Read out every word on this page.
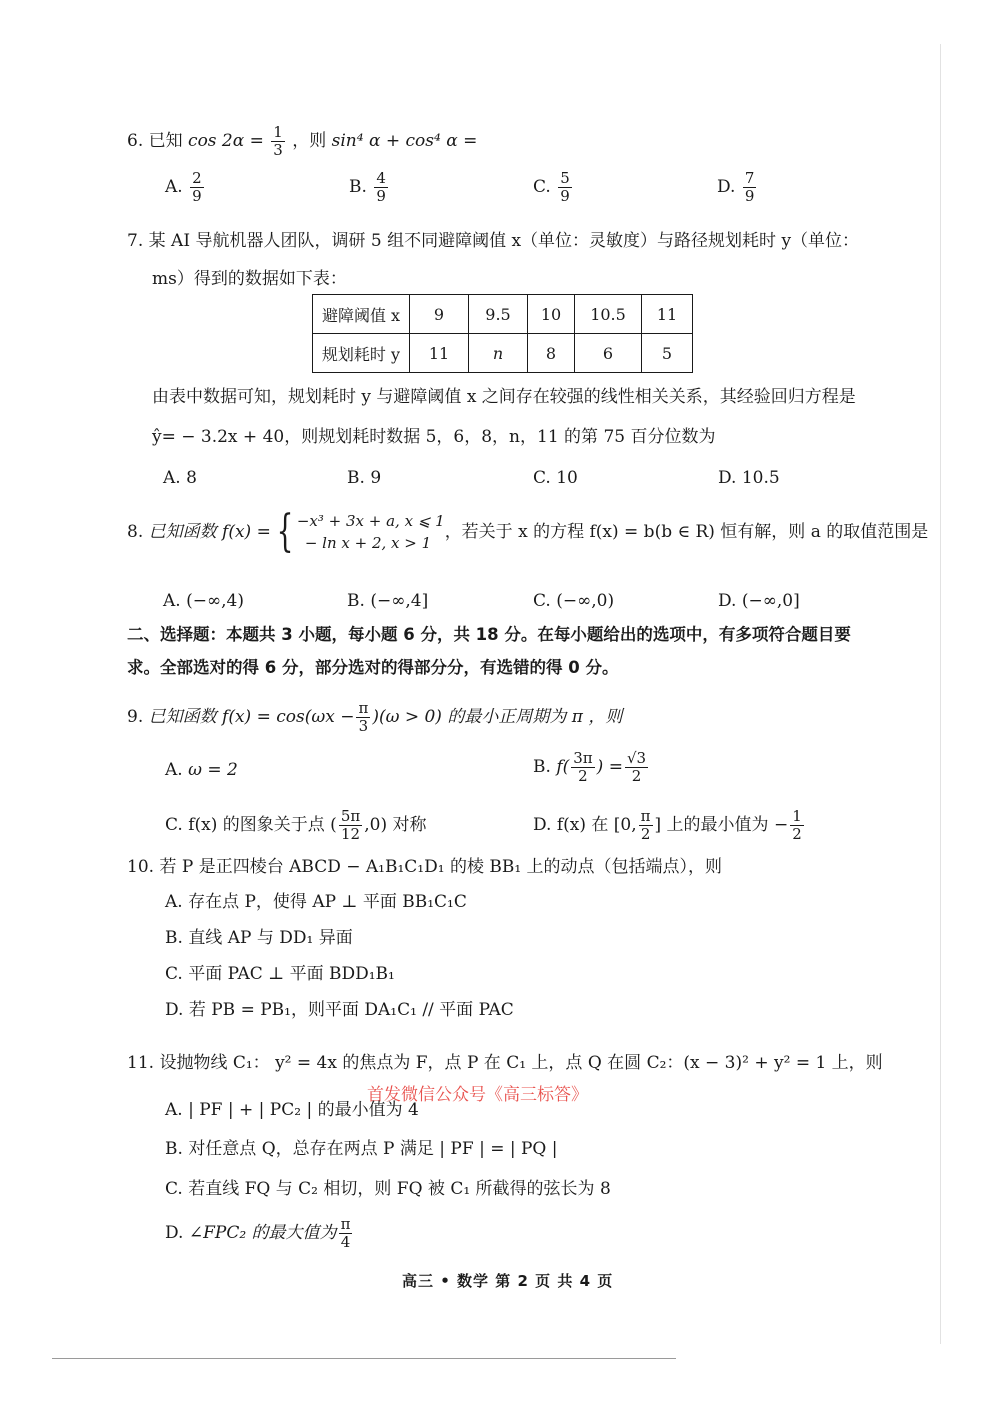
6. 已知 $\cos 2\alpha = \frac{1}{3}$ ，则 sin⁴ α + cos⁴ α =
A. $\frac{2}{9}$	B. $\frac{4}{9}$	C. $\frac{5}{9}$	D. $\frac{7}{9}$
7. 某 AI 导航机器人团队，调研 5 组不同避障阈值 x（单位：灵敏度）与路径规划耗时 y（单位：
ms）得到的数据如下表：
避障阈值 x	9	9.5	10	10.5	11
规划耗时 y	11	n	8	6	5
由表中数据可知，规划耗时 y 与避障阈值 x 之间存在较强的线性相关关系，其经验回归方程是
ŷ= − 3.2x + 40，则规划耗时数据 5，6，8，n，11 的第 75 百分位数为
A. 8	B. 9	C. 10	D. 10.5
8.
已知函数 f(x) = { −x³ + 3x + a, x ⩽ 1
− ln x + 2, x > 1
，若关于 x 的方程 f(x) = b(b ∈ R) 恒有解，则 a 的取值范围是
A. (−∞,4)	B. (−∞,4]	C. (−∞,0)	D. (−∞,0]
二、选择题：本题共 3 小题，每小题 6 分，共 18 分。在每小题给出的选项中，有多项符合题目要
求。全部选对的得 6 分，部分选对的得部分分，有选错的得 0 分。
9. 已知函数 $f(x) = \cos(\omega x - \frac{\pi}{3} )(\omega > 0)$ 的最小正周期为 π ，则
A. ω = 2	B. $f( \frac{3\pi}{2}$ ) = $\frac{√3}{2}$
C. f(x) 的图象关于点 ( $\frac{5\pi}{12} ,0$) 对称	D. f(x) 在 [0, $\frac{\pi}{2}$ ] 上的最小值为 − $\frac{1}{2}$
10. 若 P 是正四棱台 ABCD − A₁B₁C₁D₁ 的棱 BB₁ 上的动点（包括端点），则
A. 存在点 P，使得 AP ⊥ 平面 BB₁C₁C
B. 直线 AP 与 DD₁ 异面
C. 平面 PAC ⊥ 平面 BDD₁B₁
D. 若 PB = PB₁，则平面 DA₁C₁ // 平面 PAC
11. 设抛物线 C₁： y² = 4x 的焦点为 F，点 P 在 C₁ 上，点 Q 在圆 C₂：(x − 3)² + y² = 1 上，则
首发微信公众号《高三标答》
A. | PF | + | PC₂ | 的最小值为 4
B. 对任意点 Q，总存在两点 P 满足 | PF | = | PQ |
C. 若直线 FQ 与 C₂ 相切，则 FQ 被 C₁ 所截得的弦长为 8
D. ∠FPC₂ 的最大值为 $\frac{\pi}{4}$
高三 • 数学 第 2 页 共 4 页
